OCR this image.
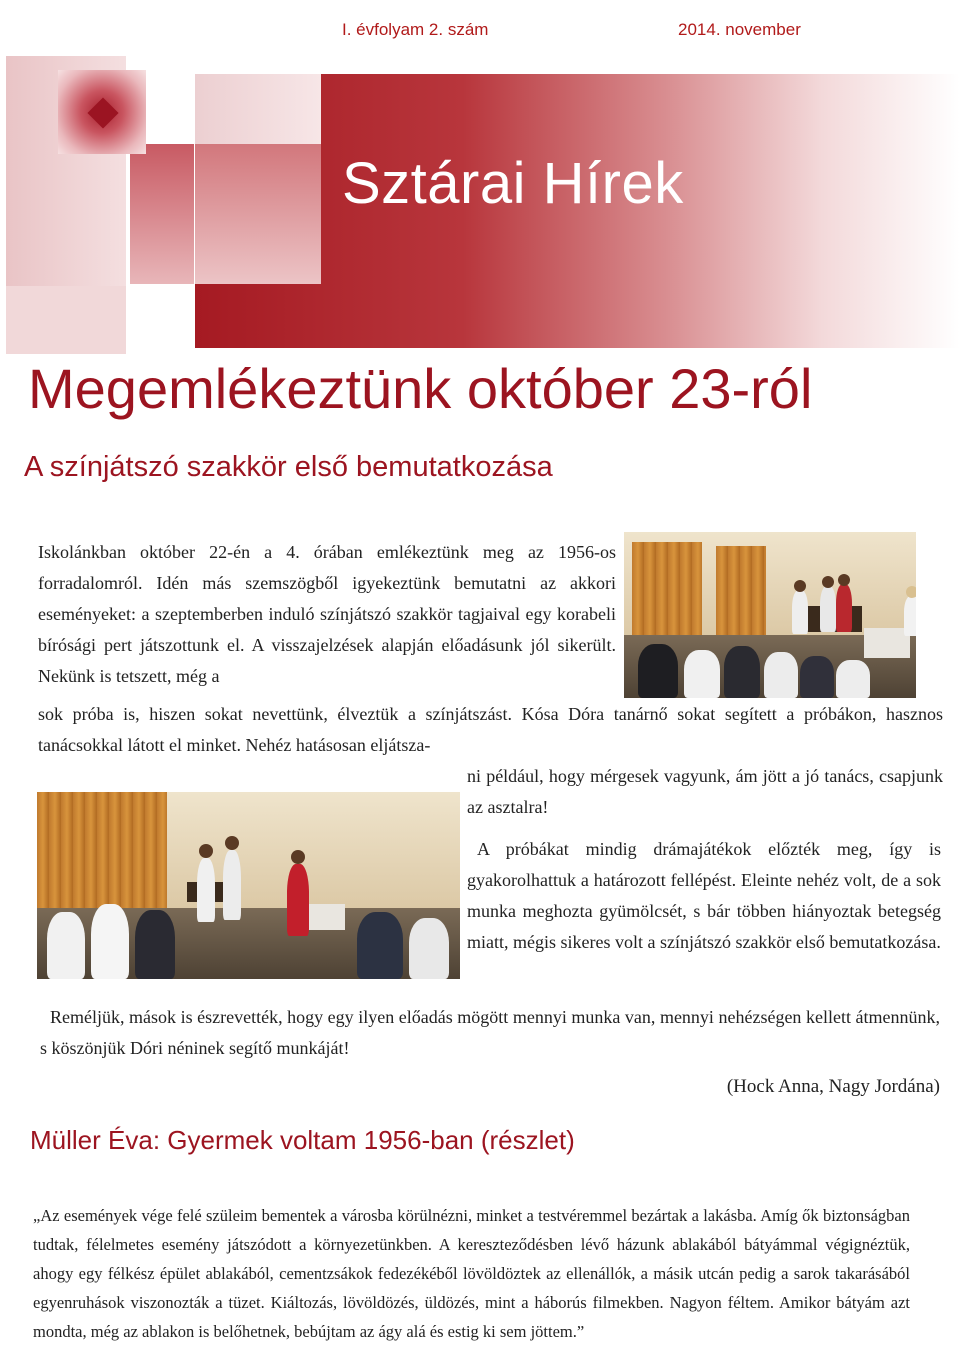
I. évfolyam 2. szám	2014. november
Sztárai Hírek
Megemlékeztünk október 23-ról
A színjátszó szakkör első bemutatkozása

Iskolánkban október 22-én a 4. órában emlékeztünk meg az 1956-os forradalomról. Idén más szemszögből igyekeztünk bemutatni az akkori eseményeket: a szeptemberben induló színjátszó szakkör tagjaival egy korabeli bírósági pert játszottunk el. A visszajelzések alapján előadásunk jól sikerült. Nekünk is tetszett, még a

sok próba is, hiszen sokat nevettünk, élveztük a színjátszást. Kósa Dóra tanárnő sokat segített a próbákon, hasznos tanácsokkal látott el minket. Nehéz hatásosan eljátsza-

ni például, hogy mérgesek vagyunk, ám jött a jó tanács, csapjunk az asztalra!

A próbákat mindig drámajátékok előzték meg, így is gyakorolhattuk a határozott fellépést. Eleinte nehéz volt, de a sok munka meghozta gyümölcsét, s bár többen hiányoztak betegség miatt, mégis sikeres volt a színjátszó szakkör első bemutatkozása.

Reméljük, mások is észrevették, hogy egy ilyen előadás mögött mennyi munka van, mennyi nehézségen kellett átmennünk, s köszönjük Dóri néninek segítő munkáját!

(Hock Anna, Nagy Jordána)

Müller Éva: Gyermek voltam 1956-ban (részlet)

„Az események vége felé szüleim bementek a városba körülnézni, minket a testvéremmel bezártak a lakásba. Amíg ők biztonságban tudtak, félelmetes esemény játszódott a környezetünkben. A kereszteződésben lévő házunk ablakából bátyámmal végignéztük, ahogy egy félkész épület ablakából, cementzsákok fedezékéből lövöldöztek az ellenállók, a másik utcán pedig a sarok takarásából egyenruhások viszonozták a tüzet. Kiáltozás, lövöldözés, üldözés, mint a háborús filmekben. Nagyon féltem. Amikor bátyám azt mondta, még az ablakon is belőhetnek, bebújtam az ágy alá és estig ki sem jöttem.”
